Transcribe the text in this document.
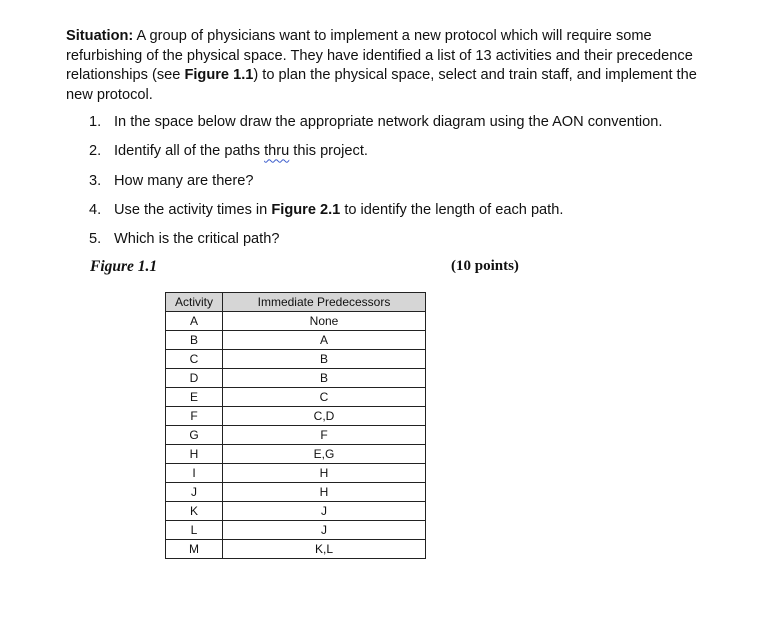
Situation: A group of physicians want to implement a new protocol which will require some refurbishing of the physical space. They have identified a list of 13 activities and their precedence relationships (see Figure 1.1) to plan the physical space, select and train staff, and implement the new protocol.
1. In the space below draw the appropriate network diagram using the AON convention.
2. Identify all of the paths thru this project.
3. How many are there?
4. Use the activity times in Figure 2.1 to identify the length of each path.
5. Which is the critical path?
Figure 1.1	(10 points)
Activity	Immediate Predecessors
A	None
B	A
C	B
D	B
E	C
F	C,D
G	F
H	E,G
I	H
J	H
K	J
L	J
M	K,L
